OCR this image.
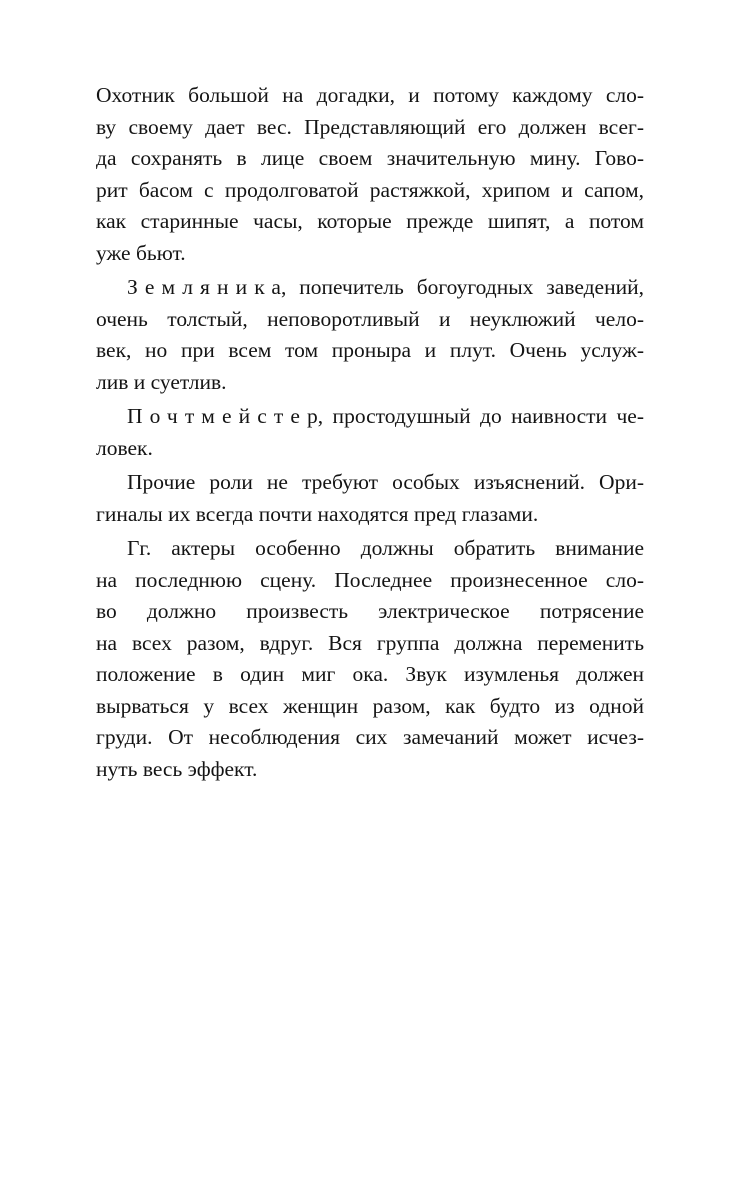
Охотник большой на догадки, и потому каждому сло-
ву своему дает вес. Представляющий его должен всег-
да сохранять в лице своем значительную мину. Гово-
рит басом с продолговатой растяжкой, хрипом и сапом,
как старинные часы, которые прежде шипят, а потом
уже бьют.
Земляника, попечитель богоугодных заведений,
очень толстый, неповоротливый и неуклюжий чело-
век, но при всем том проныра и плут. Очень услуж-
лив и суетлив.
Почтмейстер, простодушный до наивности че-
ловек.
Прочие роли не требуют особых изъяснений. Ори-
гиналы их всегда почти находятся пред глазами.
Гг. актеры особенно должны обратить внимание
на последнюю сцену. Последнее произнесенное сло-
во должно произвесть электрическое потрясение
на всех разом, вдруг. Вся группа должна переменить
положение в один миг ока. Звук изумленья должен
вырваться у всех женщин разом, как будто из одной
груди. От несоблюдения сих замечаний может исчез-
нуть весь эффект.
